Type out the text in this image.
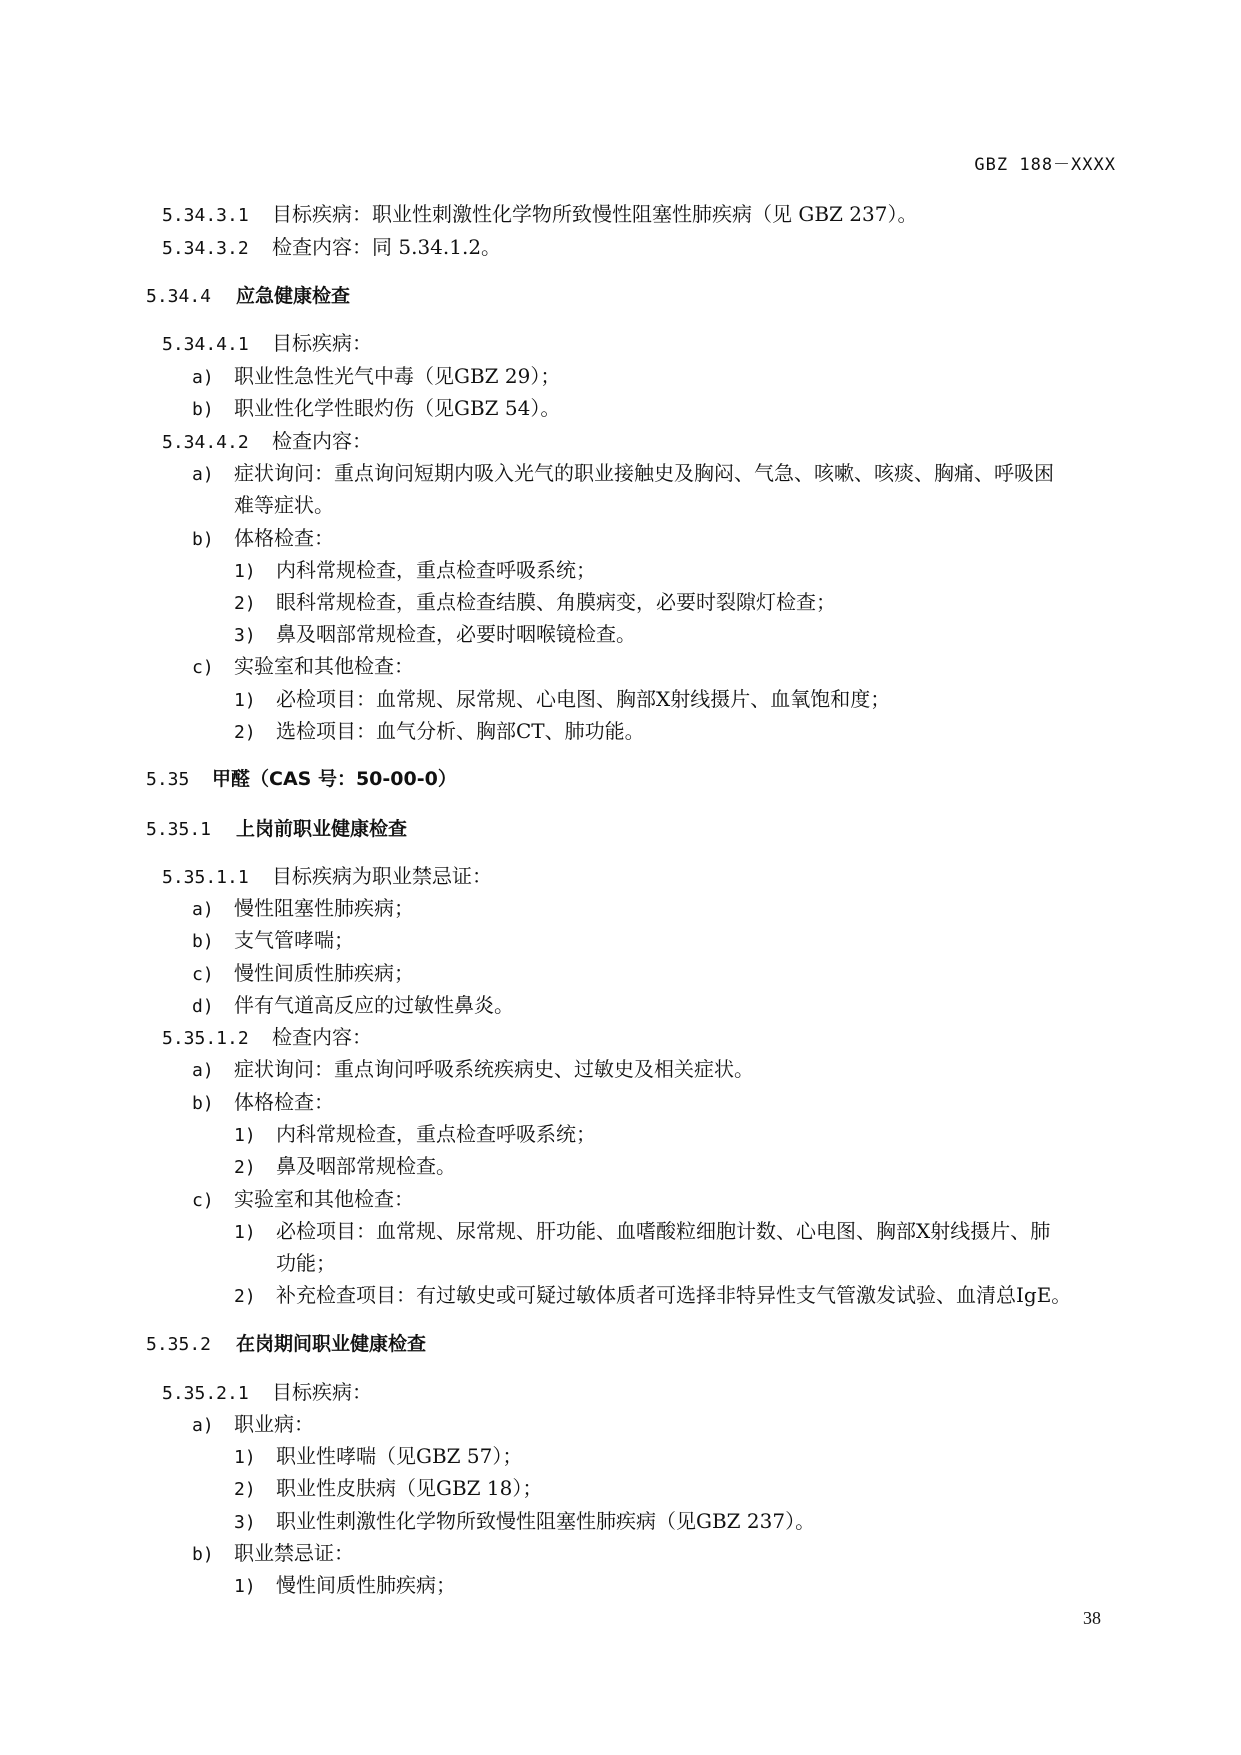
GBZ 188－XXXX
5.34.3.1 目标疾病：职业性刺激性化学物所致慢性阻塞性肺疾病（见 GBZ 237）。
5.34.3.2 检查内容：同 5.34.1.2。
5.34.4 应急健康检查
5.34.4.1 目标疾病：
a) 职业性急性光气中毒（见GBZ 29）；
b) 职业性化学性眼灼伤（见GBZ 54）。
5.34.4.2 检查内容：
a) 症状询问：重点询问短期内吸入光气的职业接触史及胸闷、气急、咳嗽、咳痰、胸痛、呼吸困
难等症状。
b) 体格检查：
1) 内科常规检查，重点检查呼吸系统；
2) 眼科常规检查，重点检查结膜、角膜病变，必要时裂隙灯检查；
3) 鼻及咽部常规检查，必要时咽喉镜检查。
c) 实验室和其他检查：
1) 必检项目：血常规、尿常规、心电图、胸部X射线摄片、血氧饱和度；
2) 选检项目：血气分析、胸部CT、肺功能。
5.35 甲醛（CAS 号：50-00-0）
5.35.1 上岗前职业健康检查
5.35.1.1 目标疾病为职业禁忌证：
a) 慢性阻塞性肺疾病；
b) 支气管哮喘；
c) 慢性间质性肺疾病；
d) 伴有气道高反应的过敏性鼻炎。
5.35.1.2 检查内容：
a) 症状询问：重点询问呼吸系统疾病史、过敏史及相关症状。
b) 体格检查：
1) 内科常规检查，重点检查呼吸系统；
2) 鼻及咽部常规检查。
c) 实验室和其他检查：
1) 必检项目：血常规、尿常规、肝功能、血嗜酸粒细胞计数、心电图、胸部X射线摄片、肺
功能；
2) 补充检查项目：有过敏史或可疑过敏体质者可选择非特异性支气管激发试验、血清总IgE。
5.35.2 在岗期间职业健康检查
5.35.2.1 目标疾病：
a) 职业病：
1) 职业性哮喘（见GBZ 57）；
2) 职业性皮肤病（见GBZ 18）；
3) 职业性刺激性化学物所致慢性阻塞性肺疾病（见GBZ 237）。
b) 职业禁忌证：
1) 慢性间质性肺疾病；
38
